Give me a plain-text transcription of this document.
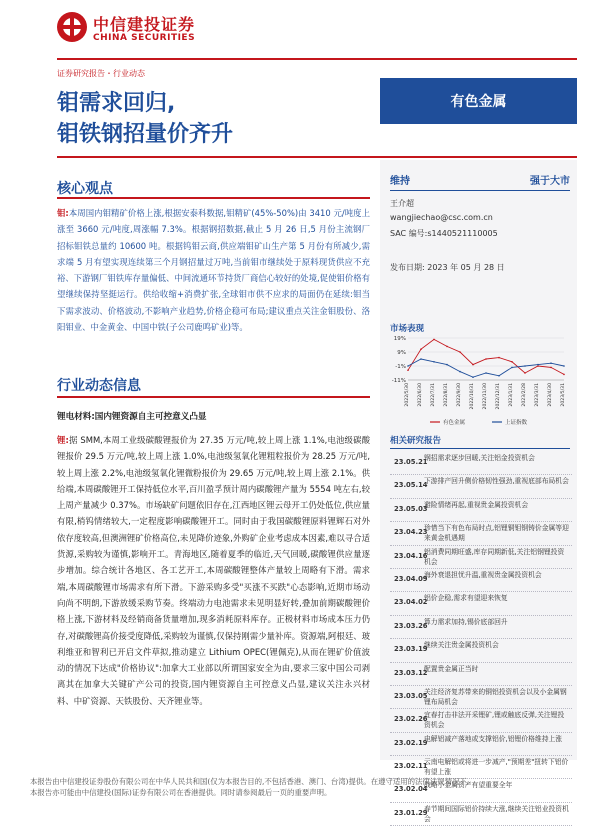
中信建投证券
CHINA SECURITIES
证券研究报告・行业动态
钼需求回归,
钼铁钢招量价齐升
有色金属
核心观点
钼:本周国内钼精矿价格上涨,根据安泰科数据,钼精矿(45%-50%)由 3410 元/吨度上涨至 3660 元/吨度,周涨幅 7.3%。根据钢招数据,截止 5 月 26 日,5 月份主流钢厂招标钼铁总量约 10600 吨。根据钨钼云商,供应端钼矿山生产第 5 月份有所减少,需求端 5 月有望实现连续第三个月钢招量过万吨,当前钼市继续处于原料现货供应不充裕、下游钢厂钼铁库存量偏低、中间流通环节持货厂商信心较好的处境,促使钼价格有望继续保持坚挺运行。供给收缩+消费扩张,全球钼市供不应求的局面仍在延续:钼当下需求波动、价格波动,不影响产业趋势,价格企稳可布局;建议重点关注金钼股份、洛阳钼业、中金黄金、中国中铁(子公司鹿鸣矿业)等。
行业动态信息
锂电材料:国内锂资源自主可控意义凸显
锂:据 SMM,本周工业级碳酸锂报价为 27.35 万元/吨,较上周上涨 1.1%,电池级碳酸锂报价 29.5 万元/吨,较上周上涨 1.0%,电池级氢氧化锂粗粒报价为 28.25 万元/吨,较上周上涨 2.2%,电池级氢氧化锂微粉报价为 29.65 万元/吨,较上周上涨 2.1%。供给端,本周碳酸锂开工保持低位水平,百川盈孚预计周内碳酸锂产量为 5554 吨左右,较上周产量减少 0.37%。市场缺矿问题依旧存在,江西地区锂云母开工仍处低位,供应量有限,梢钨情绪较大,一定程度影响碳酸锂开工。同时由于我国碳酸锂原料锂辉石对外依存度较高,但澳洲锂矿价格高位,未见降价迹象,外购矿企业考虑成本因素,难以寻合适货源,采购较为谨慎,影响开工。青海地区,随着夏季的临近,天气回暖,碳酸锂供应量逐步增加。综合统计各地区、各工艺开工,本周碳酸锂整体产量较上周略有下滑。需求端,本周碳酸锂市场需求有所下滑。下游采购多受"买涨不买跌"心态影响,近期市场动向尚不明朗,下游放缓采购节奏。终端动力电池需求未见明显好转,叠加前期碳酸锂价格上涨,下游材料及经销商备货量增加,现多消耗原料库存。正极材料市场成本压力仍存,对碳酸锂高价接受度降低,采购较为谨慎,仅保持刚需少量补库。资源端,阿根廷、玻利维亚和智利已开启文件草拟,推动建立 Lithium OPEC(锂佩克),从而在锂矿价值波动的情况下达成"价格协议":加拿大工业部以所谓国家安全为由,要求三家中国公司剥离其在加拿大关键矿产公司的投资,国内锂资源自主可控意义凸显,建议关注永兴材料、中矿资源、天铁股份、天齐锂业等。
维持	强于大市
王介超
wangjiechao@csc.com.cn
SAC 编号:s1440521110005
发布日期: 2023 年 05 月 28 日
市场表现
19%
9%
-1%
-11%
2022/5/30 2022/6/30 2022/7/31 2022/8/31 2022/9/30 2022/10/31 2022/11/30 2022/12/31 2023/1/31 2023/2/28 2023/3/31 2023/4/30 2023/5/31
有色金属	上证指数
相关研究报告
23.05.21
钢招需求逐步回暖,关注铝金投资机会
23.05.14
下游排产回升侧价格韧性强劲,重视底部布局机会
23.05.03
避险情绪再起,重视贵金属投资机会
23.04.23
珍惜当下有色布局时点,铝锂铜钼钢铸价金属等迎来黄金机遇期
23.04.16
铝消费同期旺盛,库存同期新低,关注铝钢锂投资机会
23.04.09
海外衰退担忧升温,重视贵金属投资机会
23.04.02
铝价企稳,需求有望迎来恢复
23.03.26
算力需求加持,锡价底部回升
23.03.19
继续关注贵金属投资机会
23.03.12
配置贵金属正当时
23.03.05
关注经济复苏带来的铜铝投资机会以及小金属钢锂布局机会
23.02.26
宜春打击非法开采锂矿,锂或触底反弹,关注锂投资机会
23.02.19
电解铝减产落地或支撑铝价,铝锂价格维持上涨
23.02.11
云南电解铝或将进一步减产,"预期差"扭转下铝价有望上涨
23.02.04
战略小金属资产有望重要全年
23.01.29
春节期间国际铝价持续大涨,继续关注铝业投资机会
本报告由中信建投证券股份有限公司在中华人民共和国(仅为本报告目的,不包括香港、澳门、台湾)提供。在遵守适用的法律法规情况下,
本报告亦可能由中信建投(国际)证券有限公司在香港提供。同时请参阅最后一页的重要声明。
